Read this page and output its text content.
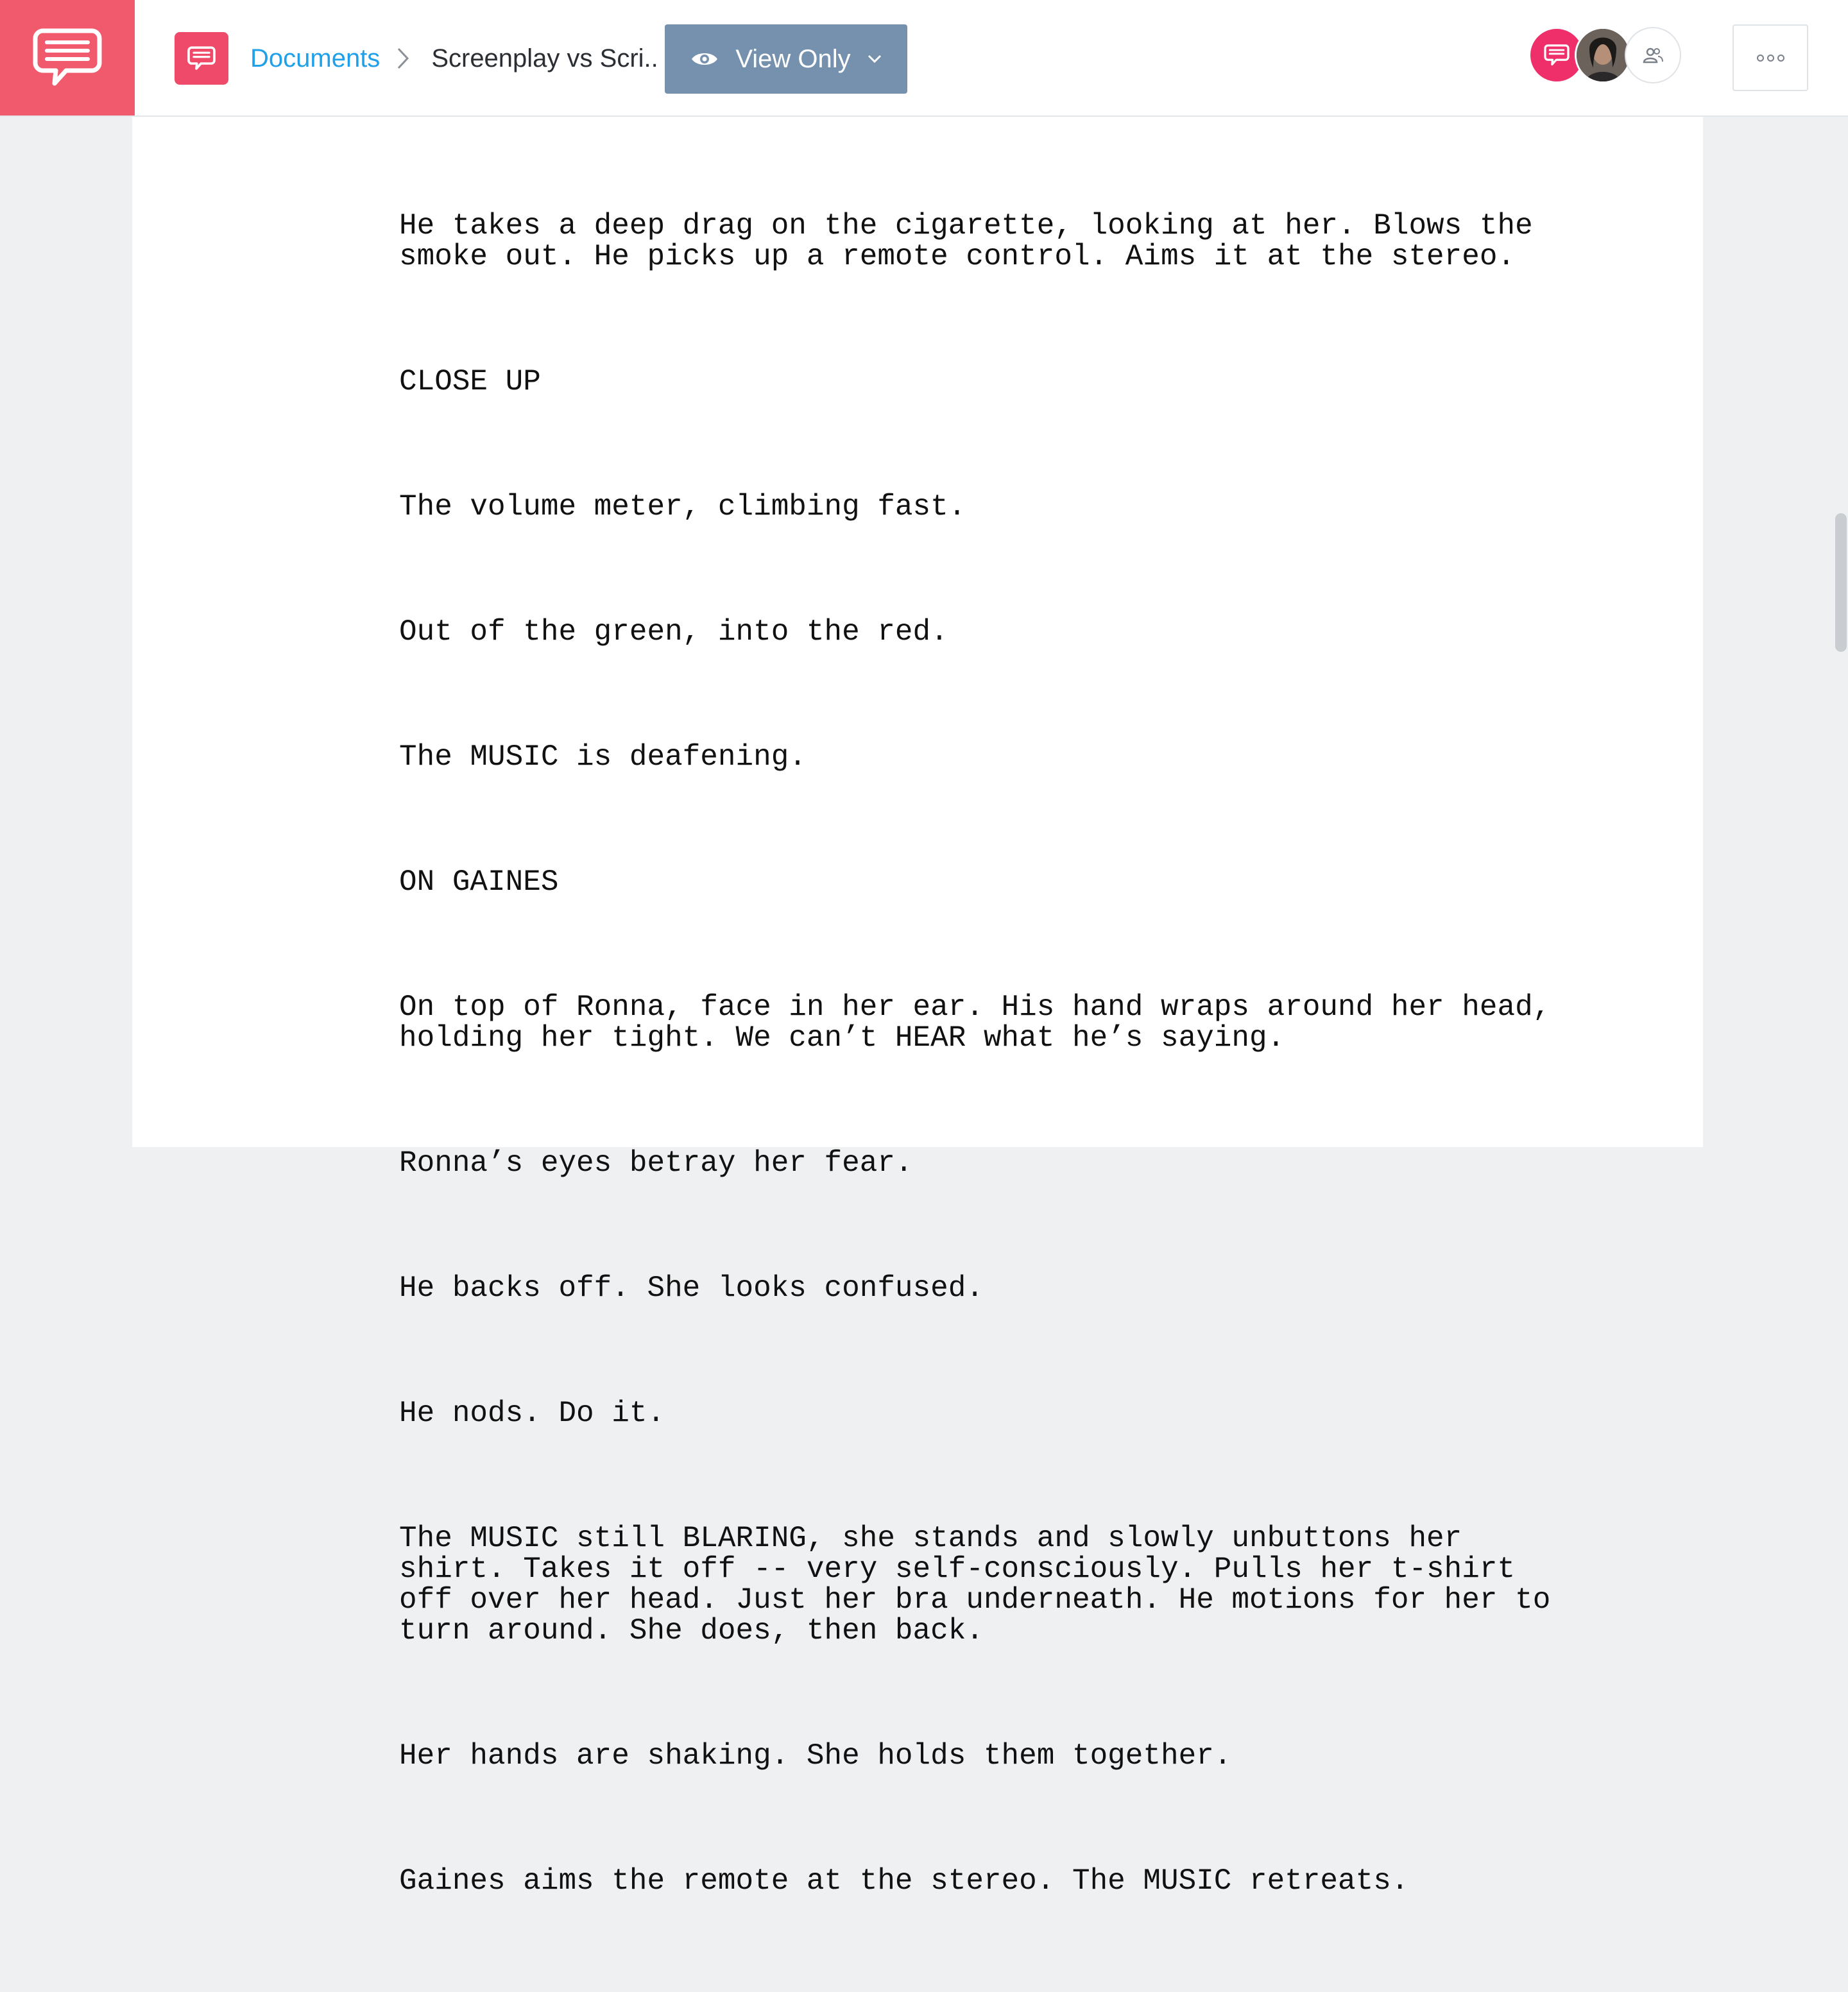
Documents Screenplay vs Scri..	View Only

He takes a deep drag on the cigarette, looking at her. Blows the smoke out. He picks up a remote control. Aims it at the stereo.

CLOSE UP

The volume meter, climbing fast.

Out of the green, into the red.

The MUSIC is deafening.

ON GAINES

On top of Ronna, face in her ear. His hand wraps around her head, holding her tight. We can’t HEAR what he’s saying.

Ronna’s eyes betray her fear.

He backs off. She looks confused.

He nods. Do it.

The MUSIC still BLARING, she stands and slowly unbuttons her shirt. Takes it off -- very self-consciously. Pulls her t-shirt off over her head. Just her bra underneath. He motions for her to turn around. She does, then back.

Her hands are shaking. She holds them together.

Gaines aims the remote at the stereo. The MUSIC retreats.
